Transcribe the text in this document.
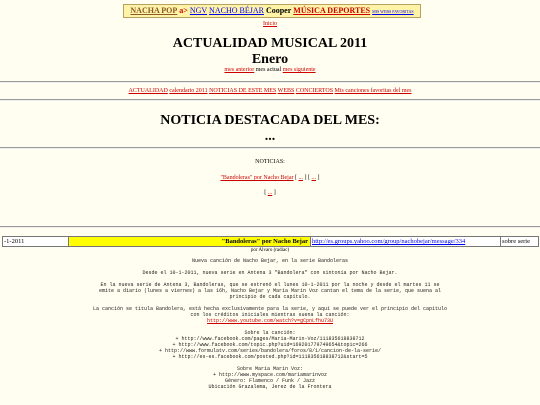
NACHA POP a> NGV NACHO BÉJAR Cooper MÚSICA DEPORTES MIS WEBS FAVORITAS
Inicio
ACTUALIDAD MUSICAL 2011
Enero
mes anterior mes actual mes siguiente
ACTUALIDAD calendario 2011 NOTICIAS DE ESTE MES WEBS CONCIERTOS Mis canciones favoritas del mes
NOTICIA DESTACADA DEL MES:
...
NOTICIAS:
"Bandoleras" por Nacho Bejar [ ... ] [ ... ]
[ ... ]
-1-2011	"Bandoleras" por Nacho Bejar http://es.groups.yahoo.com/group/nachobejar/message/334	sobre serie
por Alvaro (radiac)

Nueva canción de Nacho Bejar, en la serie Bandoleras

Desde el 10-1-2011, nueva serie en Antena 3 "Bandolera" con sintonía por Nacho Bejar.

En la nueva serie de Antena 3, Bandoleras, que se estrenó el lunes 10-1-2011 por la noche y desde el martes 11 se

emite a diario (lunes a viernes) a las 16h, Nacho Bejar y María Marín Voz cantan el tema de la serie, que suena al

principio de cada capítulo.

La canción se titula Bandolera, está hecha exclusivamente para la serie, y aquí se puede ver el principio del capítulo

con los créditos iniciales mientras suena la canción:

http://www.youtube.com/watch?v=gCpnLfhu73U

Sobre la canción:

+ http://www.facebook.com/pages/Maria-Marin-Voz/111835618838712

+ http://www.facebook.com/topic.php?uid=169201779749654&topic=266

+ http://www.formulatv.com/series/bandolera/foros/8/1/cancion-de-la-serie/

+ http://es-es.facebook.com/posted.php?id=111835618838712&start=5

Sobre María Marín Voz:

+ http://www.myspace.com/mariamarinvoz

Género: Flamenco / Funk / Jazz

Ubicación Grazalema, Jerez de la Frontera
